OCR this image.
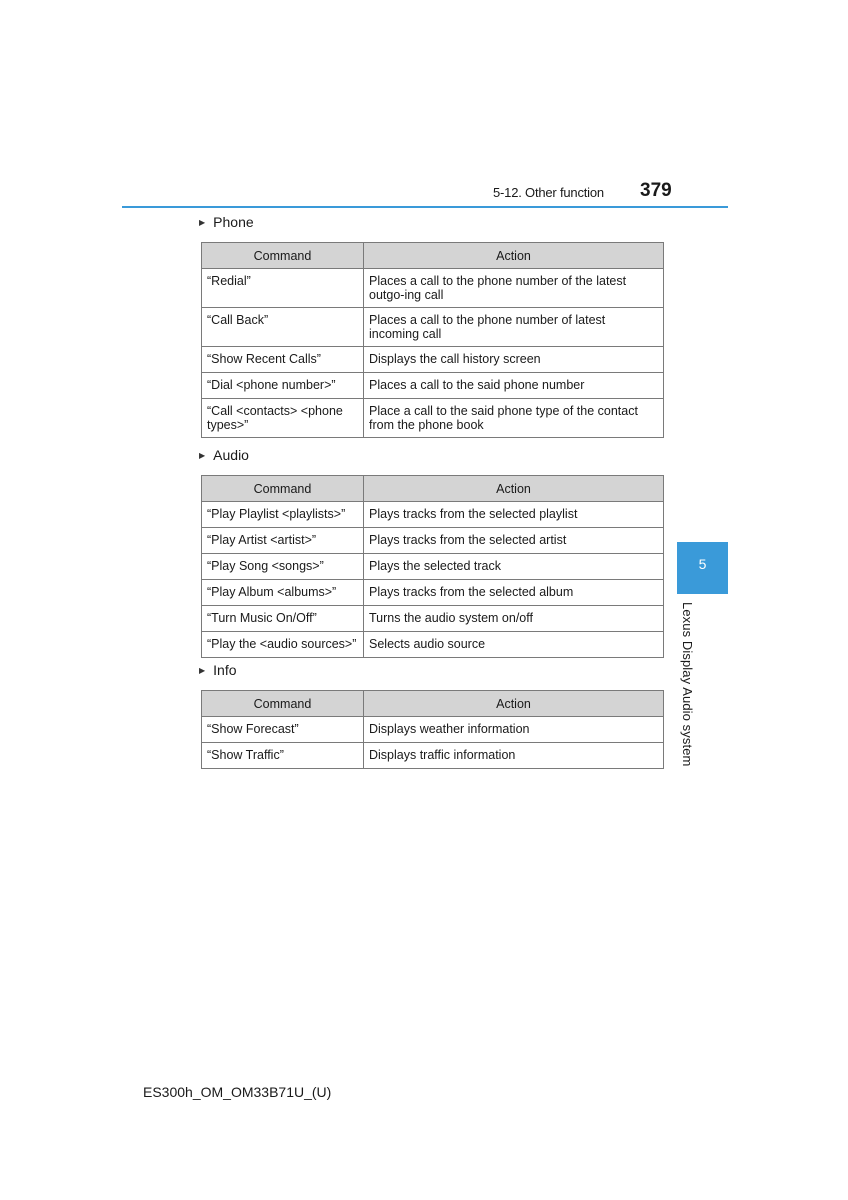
5-12. Other function 379
5
Lexus Display Audio system
▶ Phone
Command	Action
“Redial”	Places a call to the phone number of the latest outgo-ing call
“Call Back”	Places a call to the phone number of latest incoming call
“Show Recent Calls”	Displays the call history screen
“Dial <phone number>”	Places a call to the said phone number
“Call <contacts> <phone types>”	Place a call to the said phone type of the contact from the phone book
▶ Audio
Command	Action
“Play Playlist <playlists>”	Plays tracks from the selected playlist
“Play Artist <artist>”	Plays tracks from the selected artist
“Play Song <songs>”	Plays the selected track
“Play Album <albums>”	Plays tracks from the selected album
“Turn Music On/Off”	Turns the audio system on/off
“Play the <audio sources>”	Selects audio source
▶ Info
Command	Action
“Show Forecast”	Displays weather information
“Show Traffic”	Displays traffic information
ES300h_OM_OM33B71U_(U)
